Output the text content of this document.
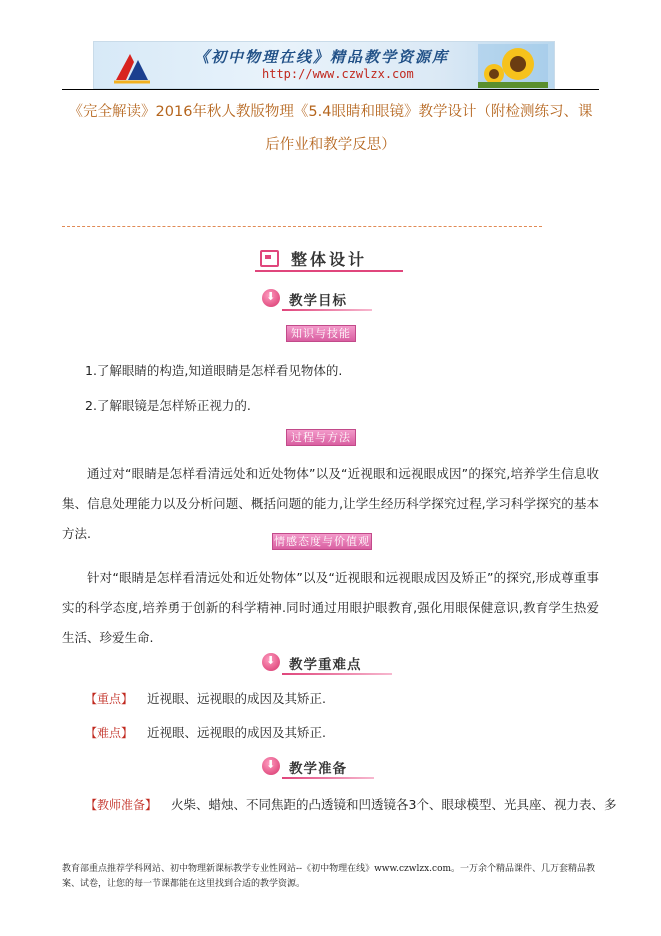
《初中物理在线》精品教学资源库
http://www.czwlzx.com
《完全解读》2016年秋人教版物理《5.4眼睛和眼镜》教学设计（附检测练习、课后作业和教学反思）
整体设计
⬇
教学目标
知识与技能
1.了解眼睛的构造,知道眼睛是怎样看见物体的.
2.了解眼镜是怎样矫正视力的.
过程与方法
通过对“眼睛是怎样看清远处和近处物体”以及“近视眼和远视眼成因”的探究,培养学生信息收集、信息处理能力以及分析问题、概括问题的能力,让学生经历科学探究过程,学习科学探究的基本方法.
情感态度与价值观
针对“眼睛是怎样看清远处和近处物体”以及“近视眼和远视眼成因及矫正”的探究,形成尊重事实的科学态度,培养勇于创新的科学精神.同时通过用眼护眼教育,强化用眼保健意识,教育学生热爱生活、珍爱生命.
⬇
教学重难点
【重点】 近视眼、远视眼的成因及其矫正.
【难点】 近视眼、远视眼的成因及其矫正.
⬇
教学准备
【教师准备】 火柴、蜡烛、不同焦距的凸透镜和凹透镜各3个、眼球模型、光具座、视力表、多
教育部重点推荐学科网站、初中物理新课标教学专业性网站--《初中物理在线》www.czwlzx.com。一万余个精品课件、几万套精品教案、试卷，让您的每一节课都能在这里找到合适的教学资源。
